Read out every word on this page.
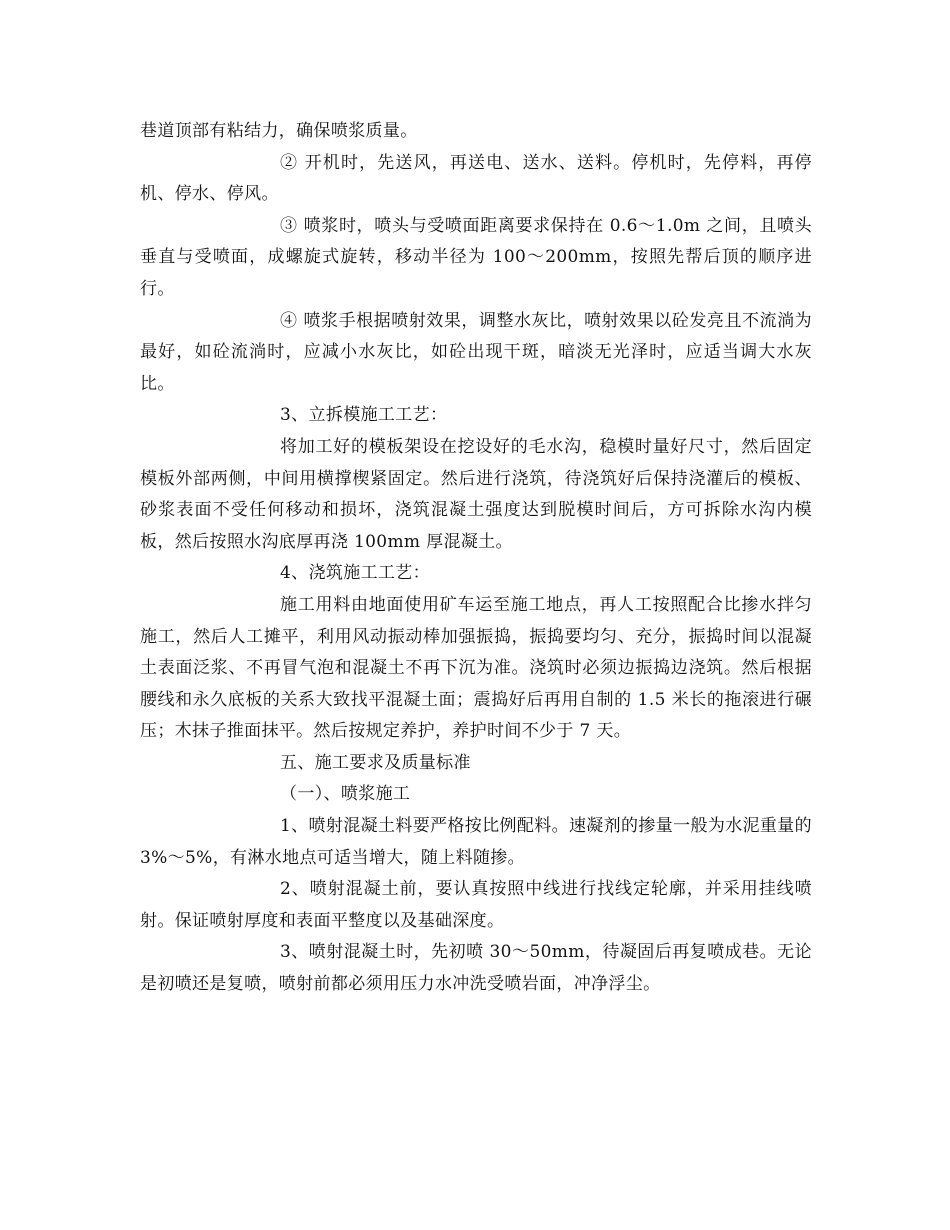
巷道顶部有粘结力，确保喷浆质量。

② 开机时，先送风，再送电、送水、送料。停机时，先停料，再停机、停水、停风。

③ 喷浆时，喷头与受喷面距离要求保持在 0.6～1.0m 之间，且喷头垂直与受喷面，成螺旋式旋转，移动半径为 100～200mm，按照先帮后顶的顺序进行。

④ 喷浆手根据喷射效果，调整水灰比，喷射效果以砼发亮且不流淌为最好，如砼流淌时，应减小水灰比，如砼出现干斑，暗淡无光泽时，应适当调大水灰比。

3、立拆模施工工艺：

将加工好的模板架设在挖设好的毛水沟，稳模时量好尺寸，然后固定模板外部两侧，中间用横撑楔紧固定。然后进行浇筑，待浇筑好后保持浇灌后的模板、砂浆表面不受任何移动和损坏，浇筑混凝土强度达到脱模时间后，方可拆除水沟内模板，然后按照水沟底厚再浇 100mm 厚混凝土。

4、浇筑施工工艺：

施工用料由地面使用矿车运至施工地点，再人工按照配合比掺水拌匀施工，然后人工摊平，利用风动振动棒加强振捣，振捣要均匀、充分，振捣时间以混凝土表面泛浆、不再冒气泡和混凝土不再下沉为准。浇筑时必须边振捣边浇筑。然后根据腰线和永久底板的关系大致找平混凝土面；震捣好后再用自制的 1.5 米长的拖滚进行碾压；木抹子推面抹平。然后按规定养护，养护时间不少于 7 天。

五、施工要求及质量标准

（一）、喷浆施工

1、喷射混凝土料要严格按比例配料。速凝剂的掺量一般为水泥重量的 3%～5%，有淋水地点可适当增大，随上料随掺。

2、喷射混凝土前，要认真按照中线进行找线定轮廓，并采用挂线喷射。保证喷射厚度和表面平整度以及基础深度。

3、喷射混凝土时，先初喷 30～50mm，待凝固后再复喷成巷。无论是初喷还是复喷，喷射前都必须用压力水冲洗受喷岩面，冲净浮尘。
